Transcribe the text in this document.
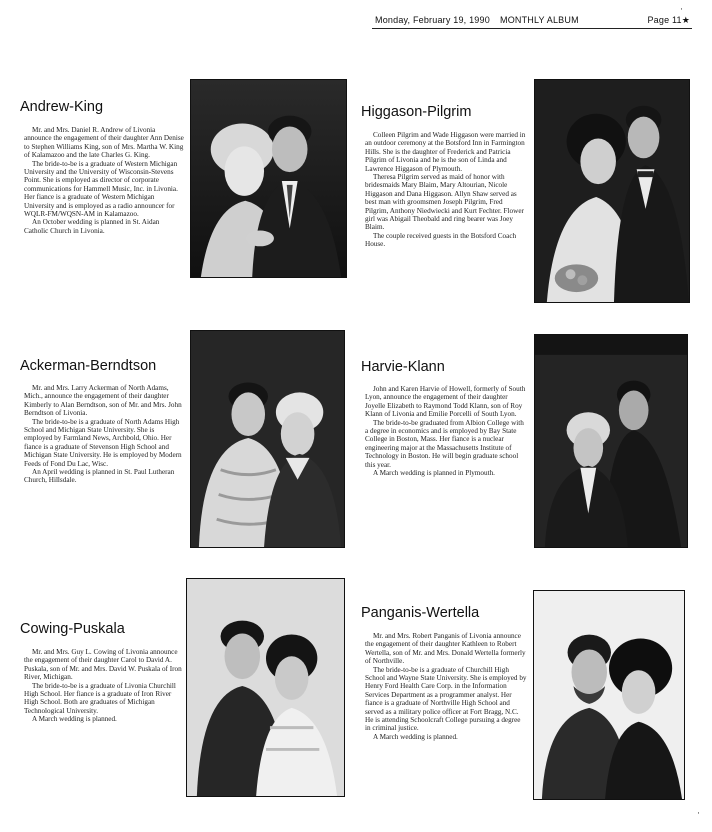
Monday, February 19, 1990 MONTHLY ALBUM	Page 11★
Andrew-King

Mr. and Mrs. Daniel R. Andrew of Livonia announce the engagement of their daughter Ann Denise to Stephen Williams King, son of Mrs. Martha W. King of Kalamazoo and the late Charles G. King.

The bride-to-be is a graduate of Western Michigan University and the University of Wisconsin-Stevens Point. She is employed as director of corporate communications for Hammell Music, Inc. in Livonia. Her fiance is a graduate of Western Michigan University and is employed as a radio announcer for WQLR-FM/WQSN-AM in Kalamazoo.

An October wedding is planned in St. Aidan Catholic Church in Livonia.

Higgason-Pilgrim

Colleen Pilgrim and Wade Higgason were married in an outdoor ceremony at the Botsford Inn in Farmington Hills. She is the daughter of Frederick and Patricia Pilgrim of Livonia and he is the son of Linda and Lawrence Higgason of Plymouth.

Theresa Pilgrim served as maid of honor with bridesmaids Mary Blaim, Mary Altourian, Nicole Higgason and Dana Higgason. Allyn Shaw served as best man with groomsmen Joseph Pilgrim, Fred Pilgrim, Anthony Niedwiecki and Kurt Fechter. Flower girl was Abigail Theobald and ring bearer was Joey Blaim.

The couple received guests in the Botsford Coach House.

Ackerman-Berndtson

Mr. and Mrs. Larry Ackerman of North Adams, Mich., announce the engagement of their daughter Kimberly to Alan Berndtson, son of Mr. and Mrs. John Berndtson of Livonia.

The bride-to-be is a graduate of North Adams High School and Michigan State University. She is employed by Farmland News, Archbold, Ohio. Her fiance is a graduate of Stevenson High School and Michigan State University. He is employed by Modern Feeds of Fond Du Lac, Wisc.

An April wedding is planned in St. Paul Lutheran Church, Hillsdale.

Harvie-Klann

John and Karen Harvie of Howell, formerly of South Lyon, announce the engagement of their daughter Joyelle Elizabeth to Raymond Todd Klann, son of Roy Klann of Livonia and Emilie Porcelli of South Lyon.

The bride-to-be graduated from Albion College with a degree in economics and is employed by Bay State College in Boston, Mass. Her fiance is a nuclear engineering major at the Massachusetts Institute of Technology in Boston. He will begin graduate school this year.

A March wedding is planned in Plymouth.

Cowing-Puskala

Mr. and Mrs. Guy L. Cowing of Livonia announce the engagement of their daughter Carol to David A. Puskala, son of Mr. and Mrs. David W. Puskala of Iron River, Michigan.

The bride-to-be is a graduate of Livonia Churchill High School. Her fiance is a graduate of Iron River High School. Both are graduates of Michigan Technological University.

A March wedding is planned.

Panganis-Wertella

Mr. and Mrs. Robert Panganis of Livonia announce the engagement of their daughter Kathleen to Robert Wertella, son of Mr. and Mrs. Donald Wertella formerly of Northville.

The bride-to-be is a graduate of Churchill High School and Wayne State University. She is employed by Henry Ford Health Care Corp. in the Information Services Department as a programmer analyst. Her fiance is a graduate of Northville High School and served as a military police officer at Fort Bragg, N.C. He is attending Schoolcraft College pursuing a degree in criminal justice.

A March wedding is planned.

·
·
